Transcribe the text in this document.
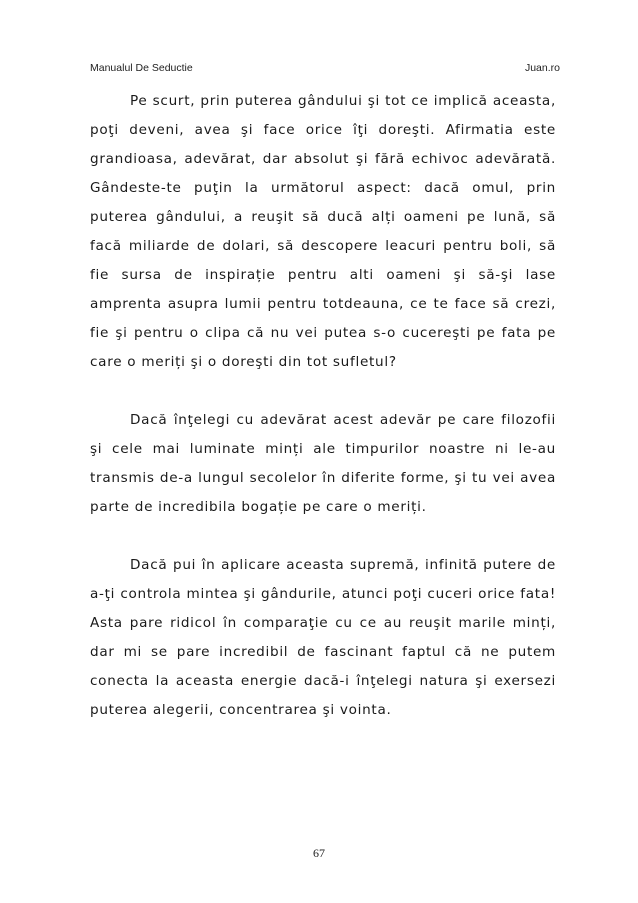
Manualul De Seductie	Juan.ro

Pe scurt, prin puterea gândului şi tot ce implică aceasta, poţi deveni, avea şi face orice îţi doreşti. Afirmatia este grandioasa, adevărat, dar absolut şi fără echivoc adevărată. Gândeste-te puţin la următorul aspect: dacă omul, prin puterea gândului, a reuşit să ducă alți oameni pe lună, să facă miliarde de dolari, să descopere leacuri pentru boli, să fie sursa de inspirație pentru alti oameni şi să-şi lase amprenta asupra lumii pentru totdeauna, ce te face să crezi, fie şi pentru o clipa că nu vei putea s-o cucereşti pe fata pe care o meriți şi o doreşti din tot sufletul?

Dacă înţelegi cu adevărat acest adevăr pe care filozofii şi cele mai luminate minți ale timpurilor noastre ni le-au transmis de-a lungul secolelor în diferite forme, şi tu vei avea parte de incredibila bogație pe care o meriți.

Dacă pui în aplicare aceasta supremă, infinită putere de a-ţi controla mintea şi gândurile, atunci poţi cuceri orice fata! Asta pare ridicol în comparaţie cu ce au reuşit marile minți, dar mi se pare incredibil de fascinant faptul că ne putem conecta la aceasta energie dacă-i înţelegi natura şi exersezi puterea alegerii, concentrarea şi vointa.

67
